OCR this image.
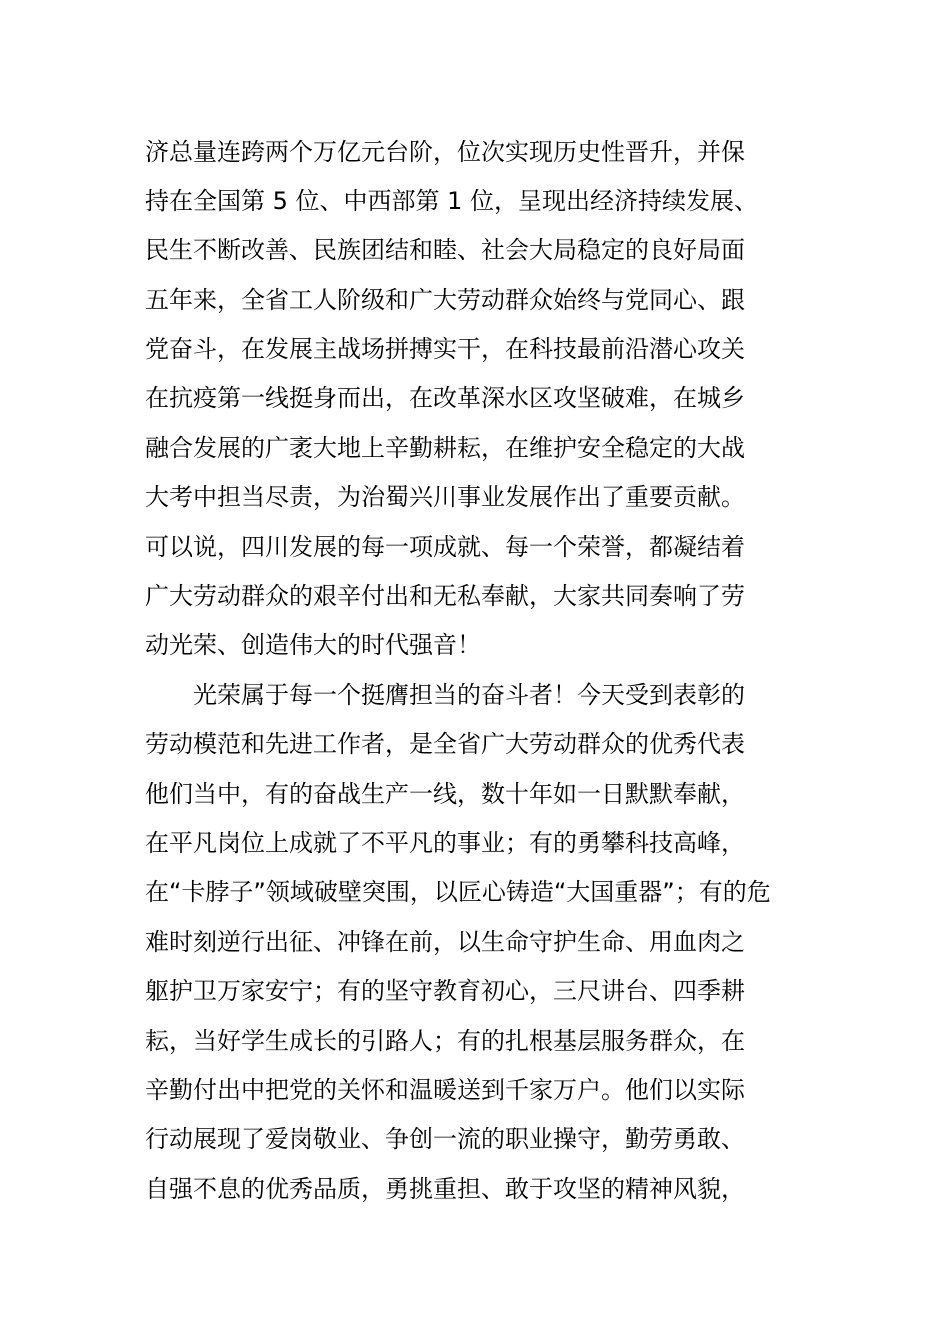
济总量连跨两个万亿元台阶，位次实现历史性晋升，并保
持在全国第 5 位、中西部第 1 位，呈现出经济持续发展、
民生不断改善、民族团结和睦、社会大局稳定的良好局面
五年来，全省工人阶级和广大劳动群众始终与党同心、跟
党奋斗，在发展主战场拼搏实干，在科技最前沿潜心攻关
在抗疫第一线挺身而出，在改革深水区攻坚破难，在城乡
融合发展的广袤大地上辛勤耕耘，在维护安全稳定的大战
大考中担当尽责，为治蜀兴川事业发展作出了重要贡献。
可以说，四川发展的每一项成就、每一个荣誉，都凝结着
广大劳动群众的艰辛付出和无私奉献，大家共同奏响了劳
动光荣、创造伟大的时代强音！
光荣属于每一个挺膺担当的奋斗者！今天受到表彰的
劳动模范和先进工作者，是全省广大劳动群众的优秀代表
他们当中，有的奋战生产一线，数十年如一日默默奉献，
在平凡岗位上成就了不平凡的事业；有的勇攀科技高峰，
在“卡脖子”领域破壁突围，以匠心铸造“大国重器”；有的危
难时刻逆行出征、冲锋在前，以生命守护生命、用血肉之
躯护卫万家安宁；有的坚守教育初心，三尺讲台、四季耕
耘，当好学生成长的引路人；有的扎根基层服务群众，在
辛勤付出中把党的关怀和温暖送到千家万户。他们以实际
行动展现了爱岗敬业、争创一流的职业操守，勤劳勇敢、
自强不息的优秀品质，勇挑重担、敢于攻坚的精神风貌，
